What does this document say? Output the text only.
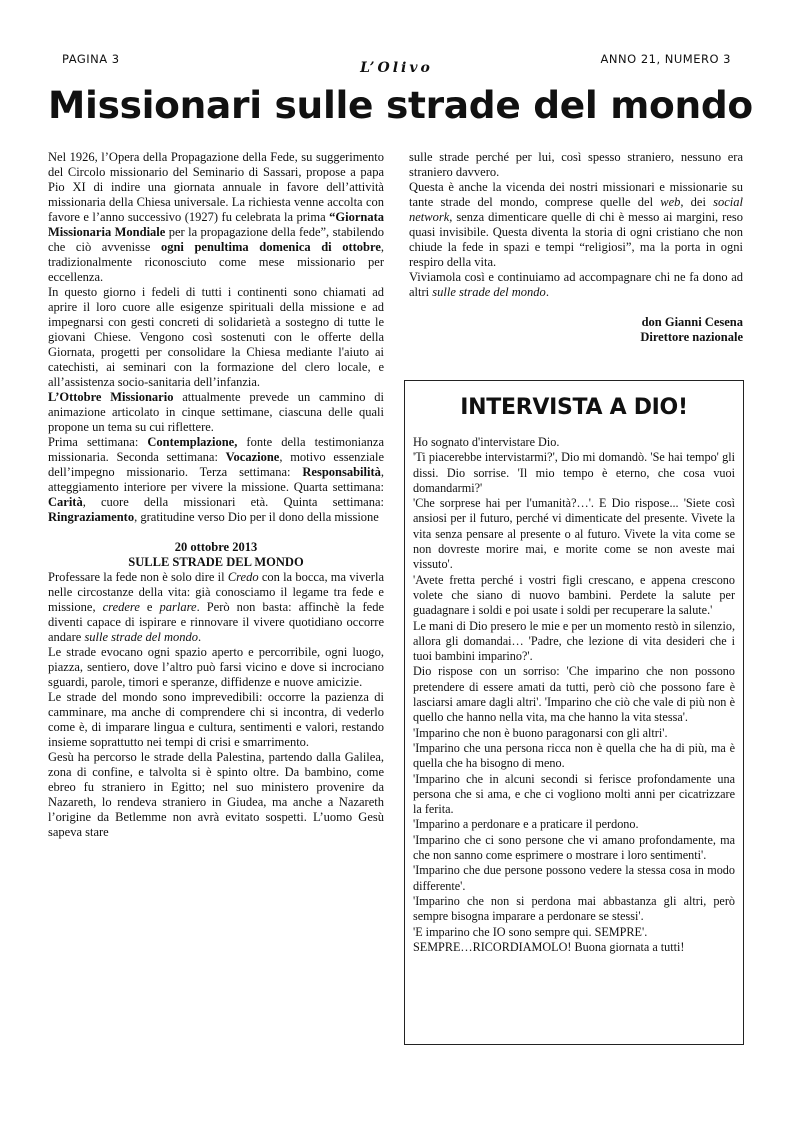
PAGINA 3	ANNO 21, NUMERO 3
L’Olivo
Missionari sulle strade del mondo

Nel 1926, l’Opera della Propagazione della Fede, su suggerimento del Circolo missionario del Seminario di Sassari, propose a papa Pio XI di indire una giornata annuale in favore dell’attività missionaria della Chiesa universale. La richiesta venne accolta con favore e l’anno successivo (1927) fu celebrata la prima “Giornata Missionaria Mondiale per la propagazione della fede”, stabilendo che ciò avvenisse ogni penultima domenica di ottobre, tradizionalmente riconosciuto come mese missionario per eccellenza.

In questo giorno i fedeli di tutti i continenti sono chiamati ad aprire il loro cuore alle esigenze spirituali della missione e ad impegnarsi con gesti concreti di solidarietà a sostegno di tutte le giovani Chiese. Vengono così sostenuti con le offerte della Giornata, progetti per consolidare la Chiesa mediante l'aiuto ai catechisti, ai seminari con la formazione del clero locale, e all’assistenza socio-sanitaria dell’infanzia.

L’Ottobre Missionario attualmente prevede un cammino di animazione articolato in cinque settimane, ciascuna delle quali propone un tema su cui riflettere.

Prima settimana: Contemplazione, fonte della testimonianza missionaria. Seconda settimana: Vocazione, motivo essenziale dell’impegno missionario. Terza settimana: Responsabilità, atteggiamento interiore per vivere la missione. Quarta settimana: Carità, cuore della missionari età. Quinta settimana: Ringraziamento, gratitudine verso Dio per il dono della missione

20 ottobre 2013

SULLE STRADE DEL MONDO

Professare la fede non è solo dire il Credo con la bocca, ma viverla nelle circostanze della vita: già conosciamo il legame tra fede e missione, credere e parlare. Però non basta: affinchè la fede diventi capace di ispirare e rinnovare il vivere quotidiano occorre andare sulle strade del mondo.

Le strade evocano ogni spazio aperto e percorribile, ogni luogo, piazza, sentiero, dove l’altro può farsi vicino e dove si incrociano sguardi, parole, timori e speranze, diffidenze e nuove amicizie.

Le strade del mondo sono imprevedibili: occorre la pazienza di camminare, ma anche di comprendere chi si incontra, di vederlo come è, di imparare lingua e cultura, sentimenti e valori, restando insieme soprattutto nei tempi di crisi e smarrimento.

Gesù ha percorso le strade della Palestina, partendo dalla Galilea, zona di confine, e talvolta si è spinto oltre. Da bambino, come ebreo fu straniero in Egitto; nel suo ministero provenire da Nazareth, lo rendeva straniero in Giudea, ma anche a Nazareth l’origine da Betlemme non avrà evitato sospetti. L’uomo Gesù sapeva stare

sulle strade perché per lui, così spesso straniero, nessuno era straniero davvero.

Questa è anche la vicenda dei nostri missionari e missionarie su tante strade del mondo, comprese quelle del web, dei social network, senza dimenticare quelle di chi è messo ai margini, reso quasi invisibile. Questa diventa la storia di ogni cristiano che non chiude la fede in spazi e tempi “religiosi”, ma la porta in ogni respiro della vita.

Viviamola così e continuiamo ad accompagnare chi ne fa dono ad altri sulle strade del mondo.

don Gianni Cesena

Direttore nazionale

INTERVISTA A DIO!

Ho sognato d'intervistare Dio.

'Ti piacerebbe intervistarmi?', Dio mi domandò. 'Se hai tempo' gli dissi. Dio sorrise. 'Il mio tempo è eterno, che cosa vuoi domandarmi?'

'Che sorprese hai per l'umanità?…'. E Dio rispose... 'Siete così ansiosi per il futuro, perché vi dimenticate del presente. Vivete la vita senza pensare al presente o al futuro. Vivete la vita come se non dovreste morire mai, e morite come se non aveste mai vissuto'.

'Avete fretta perché i vostri figli crescano, e appena crescono volete che siano di nuovo bambini. Perdete la salute per guadagnare i soldi e poi usate i soldi per recuperare la salute.'

Le mani di Dio presero le mie e per un momento restò in silenzio, allora gli domandai… 'Padre, che lezione di vita desideri che i tuoi bambini imparino?'.

Dio rispose con un sorriso: 'Che imparino che non possono pretendere di essere amati da tutti, però ciò che possono fare è lasciarsi amare dagli altri'. 'Imparino che ciò che vale di più non è quello che hanno nella vita, ma che hanno la vita stessa'.

'Imparino che non è buono paragonarsi con gli altri'.

'Imparino che una persona ricca non è quella che ha di più, ma è quella che ha bisogno di meno.

'Imparino che in alcuni secondi si ferisce profondamente una persona che si ama, e che ci vogliono molti anni per cicatrizzare la ferita.

'Imparino a perdonare e a praticare il perdono.

'Imparino che ci sono persone che vi amano profondamente, ma che non sanno come esprimere o mostrare i loro sentimenti'.

'Imparino che due persone possono vedere la stessa cosa in modo differente'.

'Imparino che non si perdona mai abbastanza gli altri, però sempre bisogna imparare a perdonare se stessi'.

'E imparino che IO sono sempre qui. SEMPRE'.

SEMPRE…RICORDIAMOLO! Buona giornata a tutti!
